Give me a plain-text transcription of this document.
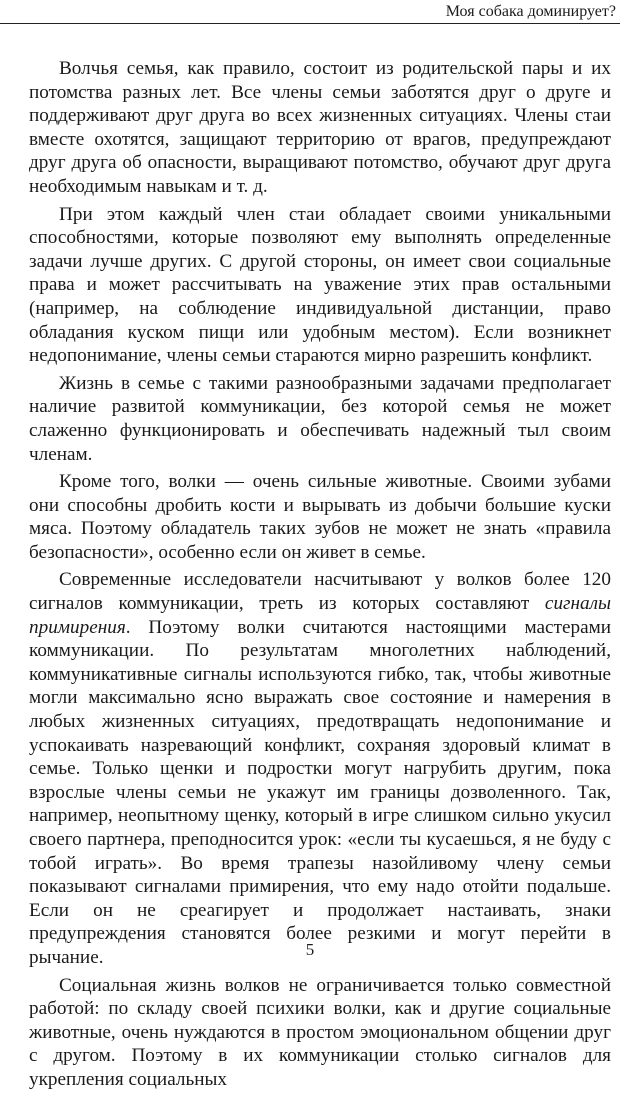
Моя собака доминирует?

Волчья семья, как правило, состоит из родительской пары и их потомства разных лет. Все члены семьи заботятся друг о друге и поддерживают друг друга во всех жизненных ситуациях. Члены стаи вместе охотятся, защищают территорию от врагов, предупреждают друг друга об опасности, выращивают потомство, обучают друг друга необходимым навыкам и т. д.

При этом каждый член стаи обладает своими уникальными способностями, которые позволяют ему выполнять определенные задачи лучше других. С другой стороны, он имеет свои социальные права и может рассчитывать на уважение этих прав остальными (например, на соблюдение индивидуальной дистанции, право обладания куском пищи или удобным местом). Если возникнет недопонимание, члены семьи стараются мирно разрешить конфликт.

Жизнь в семье с такими разнообразными задачами предполагает наличие развитой коммуникации, без которой семья не может слаженно функционировать и обеспечивать надежный тыл своим членам.

Кроме того, волки — очень сильные животные. Своими зубами они способны дробить кости и вырывать из добычи большие куски мяса. Поэтому обладатель таких зубов не может не знать «правила безопасности», особенно если он живет в семье.

Современные исследователи насчитывают у волков более 120 сигналов коммуникации, треть из которых составляют сигналы примирения. Поэтому волки считаются настоящими мастерами коммуникации. По результатам многолетних наблюдений, коммуникативные сигналы используются гибко, так, чтобы животные могли максимально ясно выражать свое состояние и намерения в любых жизненных ситуациях, предотвращать недопонимание и успокаивать назревающий конфликт, сохраняя здоровый климат в семье. Только щенки и подростки могут нагрубить другим, пока взрослые члены семьи не укажут им границы дозволенного. Так, например, неопытному щенку, который в игре слишком сильно укусил своего партнера, преподносится урок: «если ты кусаешься, я не буду с тобой играть». Во время трапезы назойливому члену семьи показывают сигналами примирения, что ему надо отойти подальше. Если он не среагирует и продолжает настаивать, знаки предупреждения становятся более резкими и могут перейти в рычание.

Социальная жизнь волков не ограничивается только совместной работой: по складу своей психики волки, как и другие социальные животные, очень нуждаются в простом эмоциональном общении друг с другом. Поэтому в их коммуникации столько сигналов для укрепления социальных

5
